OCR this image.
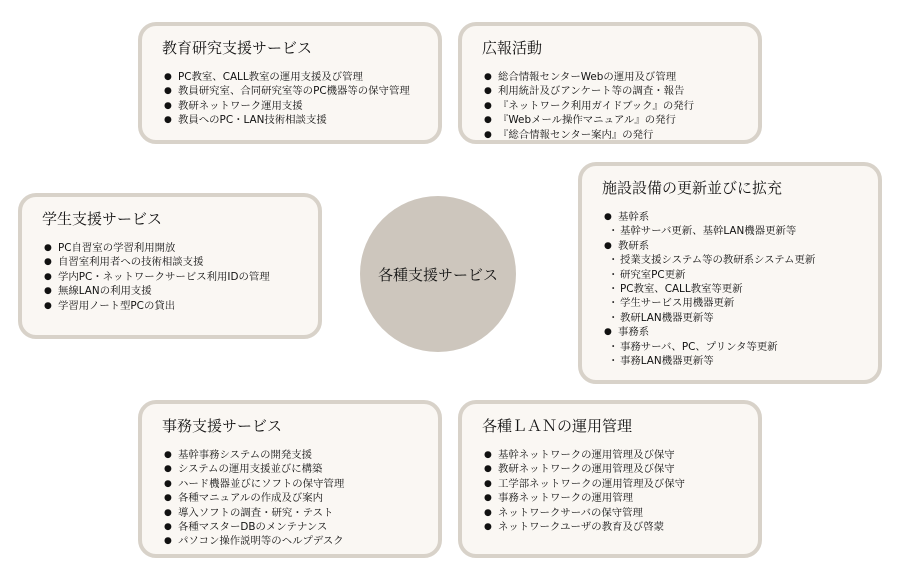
各種支援サービス
教育研究支援サービス
● PC教室、CALL教室の運用支援及び管理
● 教員研究室、合同研究室等のPC機器等の保守管理
● 教研ネットワーク運用支援
● 教員へのPC・LAN技術相談支援
広報活動
● 総合情報センターWebの運用及び管理
● 利用統計及びアンケート等の調査・報告
● 『ネットワーク利用ガイドブック』の発行
● 『Webメール操作マニュアル』の発行
● 『総合情報センター案内』の発行
施設設備の更新並びに拡充
● 基幹系
・ 基幹サーバ更新、基幹LAN機器更新等
● 教研系
・ 授業支援システム等の教研系システム更新
・ 研究室PC更新
・ PC教室、CALL教室等更新
・ 学生サービス用機器更新
・ 教研LAN機器更新等
● 事務系
・ 事務サーバ、PC、プリンタ等更新
・ 事務LAN機器更新等
学生支援サービス
● PC自習室の学習利用開放
● 自習室利用者への技術相談支援
● 学内PC・ネットワークサービス利用IDの管理
● 無線LANの利用支援
● 学習用ノート型PCの貸出
事務支援サービス
● 基幹事務システムの開発支援
● システムの運用支援並びに構築
● ハード機器並びにソフトの保守管理
● 各種マニュアルの作成及び案内
● 導入ソフトの調査・研究・テスト
● 各種マスターDBのメンテナンス
● パソコン操作説明等のヘルプデスク
各種ＬＡＮの運用管理
● 基幹ネットワークの運用管理及び保守
● 教研ネットワークの運用管理及び保守
● 工学部ネットワークの運用管理及び保守
● 事務ネットワークの運用管理
● ネットワークサーバの保守管理
● ネットワークユーザの教育及び啓蒙
